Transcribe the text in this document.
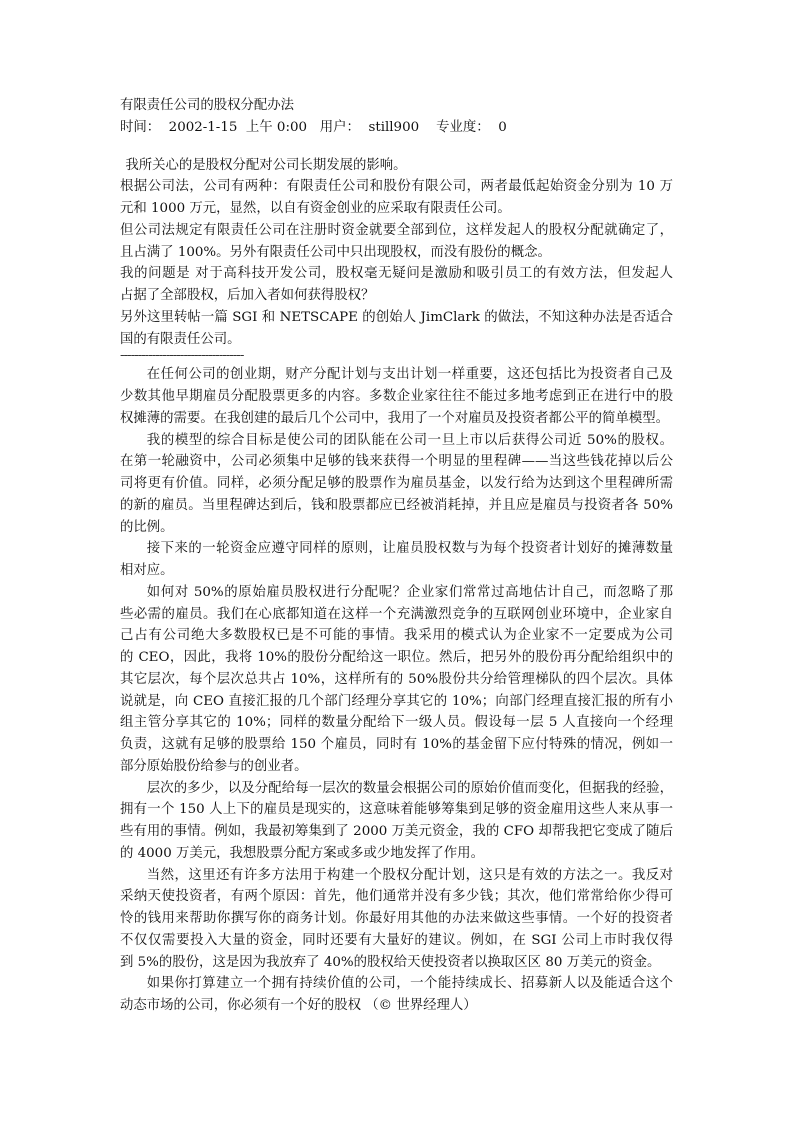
有限责任公司的股权分配办法
时间：  2002-1-15  上午 0:00   用户：  still900    专业度：  0
我所关心的是股权分配对公司长期发展的影响。
根据公司法，公司有两种：有限责任公司和股份有限公司，两者最低起始资金分别为 10 万
元和 1000 万元，显然，以自有资金创业的应采取有限责任公司。
但公司法规定有限责任公司在注册时资金就要全部到位，这样发起人的股权分配就确定了，
且占满了 100%。另外有限责任公司中只出现股权，而没有股份的概念。
我的问题是 对于高科技开发公司，股权毫无疑问是激励和吸引员工的有效方法，但发起人
占据了全部股权，后加入者如何获得股权？
另外这里转帖一篇 SGI 和 NETSCAPE 的创始人 JimClark 的做法，不知这种办法是否适合
国的有限责任公司。
-----------------------------------
在任何公司的创业期，财产分配计划与支出计划一样重要，这还包括比为投资者自己及
少数其他早期雇员分配股票更多的内容。多数企业家往往不能过多地考虑到正在进行中的股
权摊薄的需要。在我创建的最后几个公司中，我用了一个对雇员及投资者都公平的简单模型。
我的模型的综合目标是使公司的团队能在公司一旦上市以后获得公司近 50%的股权。
在第一轮融资中，公司必须集中足够的钱来获得一个明显的里程碑——当这些钱花掉以后公
司将更有价值。同样，必须分配足够的股票作为雇员基金，以发行给为达到这个里程碑所需
的新的雇员。当里程碑达到后，钱和股票都应已经被消耗掉，并且应是雇员与投资者各 50%
的比例。
接下来的一轮资金应遵守同样的原则，让雇员股权数与为每个投资者计划好的摊薄数量
相对应。
如何对 50%的原始雇员股权进行分配呢？企业家们常常过高地估计自己，而忽略了那
些必需的雇员。我们在心底都知道在这样一个充满激烈竞争的互联网创业环境中，企业家自
己占有公司绝大多数股权已是不可能的事情。我采用的模式认为企业家不一定要成为公司
的 CEO，因此，我将 10%的股份分配给这一职位。然后，把另外的股份再分配给组织中的
其它层次，每个层次总共占 10%，这样所有的 50%股份共分给管理梯队的四个层次。具体
说就是，向 CEO 直接汇报的几个部门经理分享其它的 10%；向部门经理直接汇报的所有小
组主管分享其它的 10%；同样的数量分配给下一级人员。假设每一层 5 人直接向一个经理
负责，这就有足够的股票给 150 个雇员，同时有 10%的基金留下应付特殊的情况，例如一
部分原始股份给参与的创业者。
层次的多少，以及分配给每一层次的数量会根据公司的原始价值而变化，但据我的经验，
拥有一个 150 人上下的雇员是现实的，这意味着能够筹集到足够的资金雇用这些人来从事一
些有用的事情。例如，我最初筹集到了 2000 万美元资金，我的 CFO 却帮我把它变成了随后
的 4000 万美元，我想股票分配方案或多或少地发挥了作用。
当然，这里还有许多方法用于构建一个股权分配计划，这只是有效的方法之一。我反对
采纳天使投资者，有两个原因：首先，他们通常并没有多少钱；其次，他们常常给你少得可
怜的钱用来帮助你撰写你的商务计划。你最好用其他的办法来做这些事情。一个好的投资者
不仅仅需要投入大量的资金，同时还要有大量好的建议。例如，在 SGI 公司上市时我仅得
到 5%的股份，这是因为我放弃了 40%的股权给天使投资者以换取区区 80 万美元的资金。
如果你打算建立一个拥有持续价值的公司，一个能持续成长、招募新人以及能适合这个
动态市场的公司，你必须有一个好的股权 （© 世界经理人）
